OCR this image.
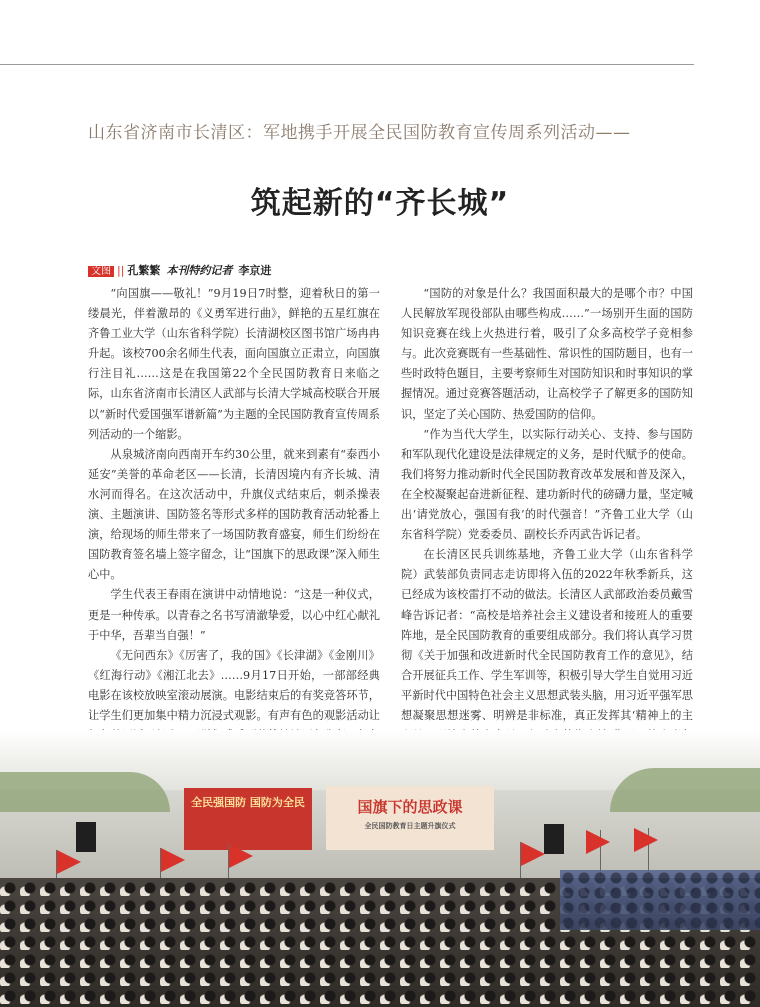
山东省济南市长清区：军地携手开展全民国防教育宣传周系列活动——
筑起新的“齐长城”
文图 || 孔繁繁 本刊特约记者 李京进

“向国旗——敬礼！”9月19日7时整，迎着秋日的第一缕晨光，伴着激昂的《义勇军进行曲》，鲜艳的五星红旗在齐鲁工业大学（山东省科学院）长清湖校区图书馆广场冉冉升起。该校700余名师生代表，面向国旗立正肃立，向国旗行注目礼……这是在我国第22个全民国防教育日来临之际，山东省济南市长清区人武部与长清大学城高校联合开展以“新时代爱国强军谱新篇”为主题的全民国防教育宣传周系列活动的一个缩影。

从泉城济南向西南开车约30公里，就来到素有“泰西小延安”美誉的革命老区——长清，长清因境内有齐长城、清水河而得名。在这次活动中，升旗仪式结束后，刺杀操表演、主题演讲、国防签名等形式多样的国防教育活动轮番上演，给现场的师生带来了一场国防教育盛宴，师生们纷纷在国防教育签名墙上签字留念，让“国旗下的思政课”深入师生心中。

学生代表王春雨在演讲中动情地说：“这是一种仪式，更是一种传承。以青春之名书写清澈挚爱，以心中红心献礼于中华，吾辈当自强！”

《无问西东》《厉害了，我的国》《长津湖》《金刚川》《红海行动》《湘江北去》……9月17日开始，一部部经典电影在该校放映室滚动展演。电影结束后的有奖竞答环节，让学生们更加集中精力沉浸式观影。有声有色的观影活动让

“国防的对象是什么？我国面积最大的是哪个市？中国人民解放军现役部队由哪些构成……”一场别开生面的国防知识竞赛在线上火热进行着，吸引了众多高校学子竞相参与。此次竞赛既有一些基础性、常识性的国防题目，也有一些时政特色题目，主要考察师生对国防知识和时事知识的掌握情况。通过竞赛答题活动，让高校学子了解更多的国防知识，坚定了关心国防、热爱国防的信仰。

“作为当代大学生，以实际行动关心、支持、参与国防和军队现代化建设是法律规定的义务，是时代赋予的使命。我们将努力推动新时代全民国防教育改革发展和普及深入，在全校凝聚起奋进新征程、建功新时代的磅礴力量，坚定喊出‘请党放心，强国有我’的时代强音！”齐鲁工业大学（山东省科学院）党委委员、副校长乔丙武告诉记者。

在长清区民兵训练基地，齐鲁工业大学（山东省科学院）武装部负责同志走访即将入伍的2022年秋季新兵，这已经成为该校雷打不动的做法。长清区人武部政治委员戴雪峰告诉记者：“高校是培养社会主义建设者和接班人的重要阵地，是全民国防教育的重要组成部分。我们将认真学习贯彻《关于加强和改进新时代全民国防教育工作的意见》，结合开展征兵工作、学生军训等，积极引导大学生自觉用习近平新时代中国特色社会主义思想武装头脑，用习近平强军思想凝聚思想迷雾、明辨是非标准，真正发挥其‘精神上的主

全民强国防 国防为全民	国旗下的思政课
全民国防教育日主题升旗仪式
